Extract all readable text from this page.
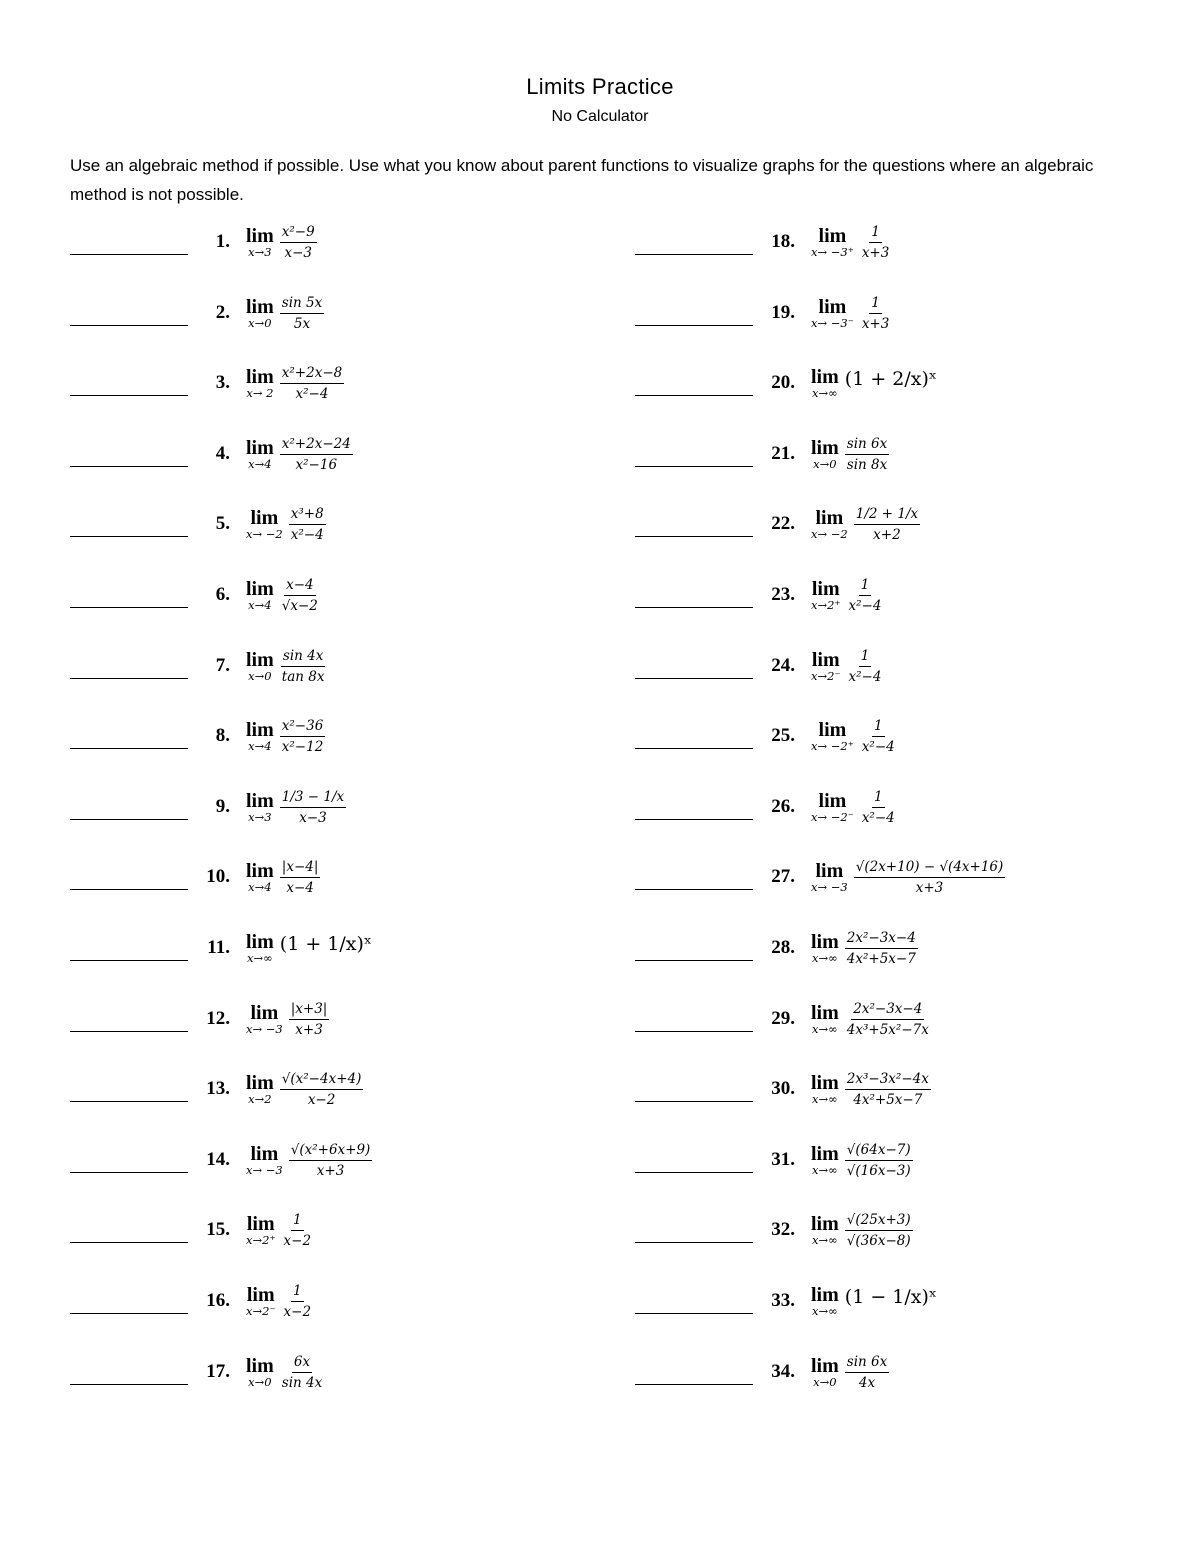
Limits Practice
No Calculator
Use an algebraic method if possible. Use what you know about parent functions to visualize graphs for the questions where an algebraic method is not possible.
1. lim
$x\to 3 \frac{\text{x²−9}}{x-3}$
2. lim
$x\to 0 \frac{\sin 5x}{5x}$
3. lim
$x\to 2 \frac{\text{x²+2x−8}}{\text{x²−4}}$
4. lim
$x\to 4 \frac{\text{x²+2x−24}}{\text{x²−16}}$
5. lim
$x\to -2 \frac{\text{x³+8}}{\text{x²−4}}$
6. lim
$x\to 4 \frac{x-4}{√x-2}$
7. lim
$x\to 0 \frac{\sin 4x}{\tan 8x}$
8. lim
$x\to 4 \frac{\text{x²−36}}{\text{x²−12}}$
9. lim
$x\to 3 \frac{1/3 - 1/x}{x-3}$
10. lim
$x\to 4 \frac{|x-4|}{x-4}$
11. lim
x→∞
(1 + 1/x)ˣ
12. lim
$x\to -3 \frac{|x+3|}{x+3}$
13. lim
$x\to 2 \frac{\text{√(x²−4x+4)}}{x-2}$
14. lim
$x\to -3 \frac{\text{√(x²+6x+9)}}{x+3}$
15. lim
$x\to 2^+ \frac{1}{x-2}$
16. lim
$x\to 2^- \frac{1}{x-2}$
17. lim
$x\to 0 \frac{6x}{\sin 4x}$
18. lim
$x\to -3^+ \frac{1}{x+3}$
19. lim
$x\to -3^- \frac{1}{x+3}$
20. lim
x→∞
(1 + 2/x)ˣ
21. lim
$x\to 0 \frac{\sin 6x}{\sin 8x}$
22. lim
$x\to -2 \frac{1/2 + 1/x}{x+2}$
23. lim
$x\to 2^+ \frac{1}{\text{x²−4}}$
24. lim
$x\to 2^- \frac{1}{\text{x²−4}}$
25. lim
$x\to -2^+ \frac{1}{\text{x²−4}}$
26. lim
$x\to -2^- \frac{1}{\text{x²−4}}$
27. lim
$x\to -3 \frac{√(2x+10) - √(4x+16)}{x+3}$
28. lim
$x\to\infty \frac{\text{2x²−3x−4}}{\text{4x²+5x−7}}$
29. lim
$x\to\infty \frac{\text{2x²−3x−4}}{\text{4x³+5x²−7x}}$
30. lim
$x\to\infty \frac{\text{2x³−3x²−4x}}{\text{4x²+5x−7}}$
31. lim
$x\to\infty \frac{√(64x-7)}{√(16x-3)}$
32. lim
$x\to\infty \frac{√(25x+3)}{√(36x-8)}$
33. lim
x→∞
(1 − 1/x)ˣ
34. lim
$x\to 0 \frac{\sin 6x}{4x}$
